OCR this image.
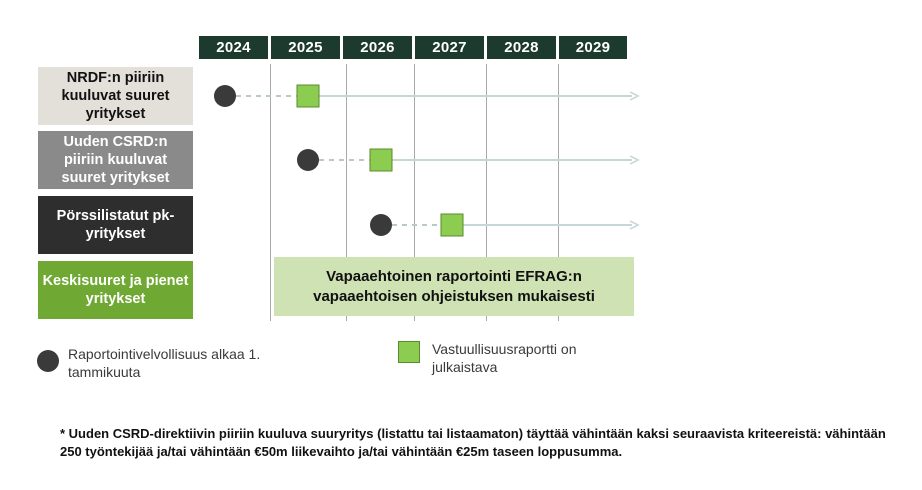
2024	2025	2026	2027	2028	2029
NRDF:n piiriin kuuluvat suuret yritykset
Uuden CSRD:n piiriin kuuluvat suuret yritykset
Pörssilistatut pk-yritykset
Keskisuuret ja pienet yritykset
Vapaaehtoinen raportointi EFRAG:n vapaaehtoisen ohjeistuksen mukaisesti
Raportointivelvollisuus alkaa 1. tammikuuta
Vastuullisuusraportti on julkaistava
* Uuden CSRD-direktiivin piiriin kuuluva suuryritys (listattu tai listaamaton) täyttää vähintään kaksi seuraavista kriteereistä: vähintään 250 työntekijää ja/tai vähintään €50m liikevaihto ja/tai vähintään €25m taseen loppusumma.
